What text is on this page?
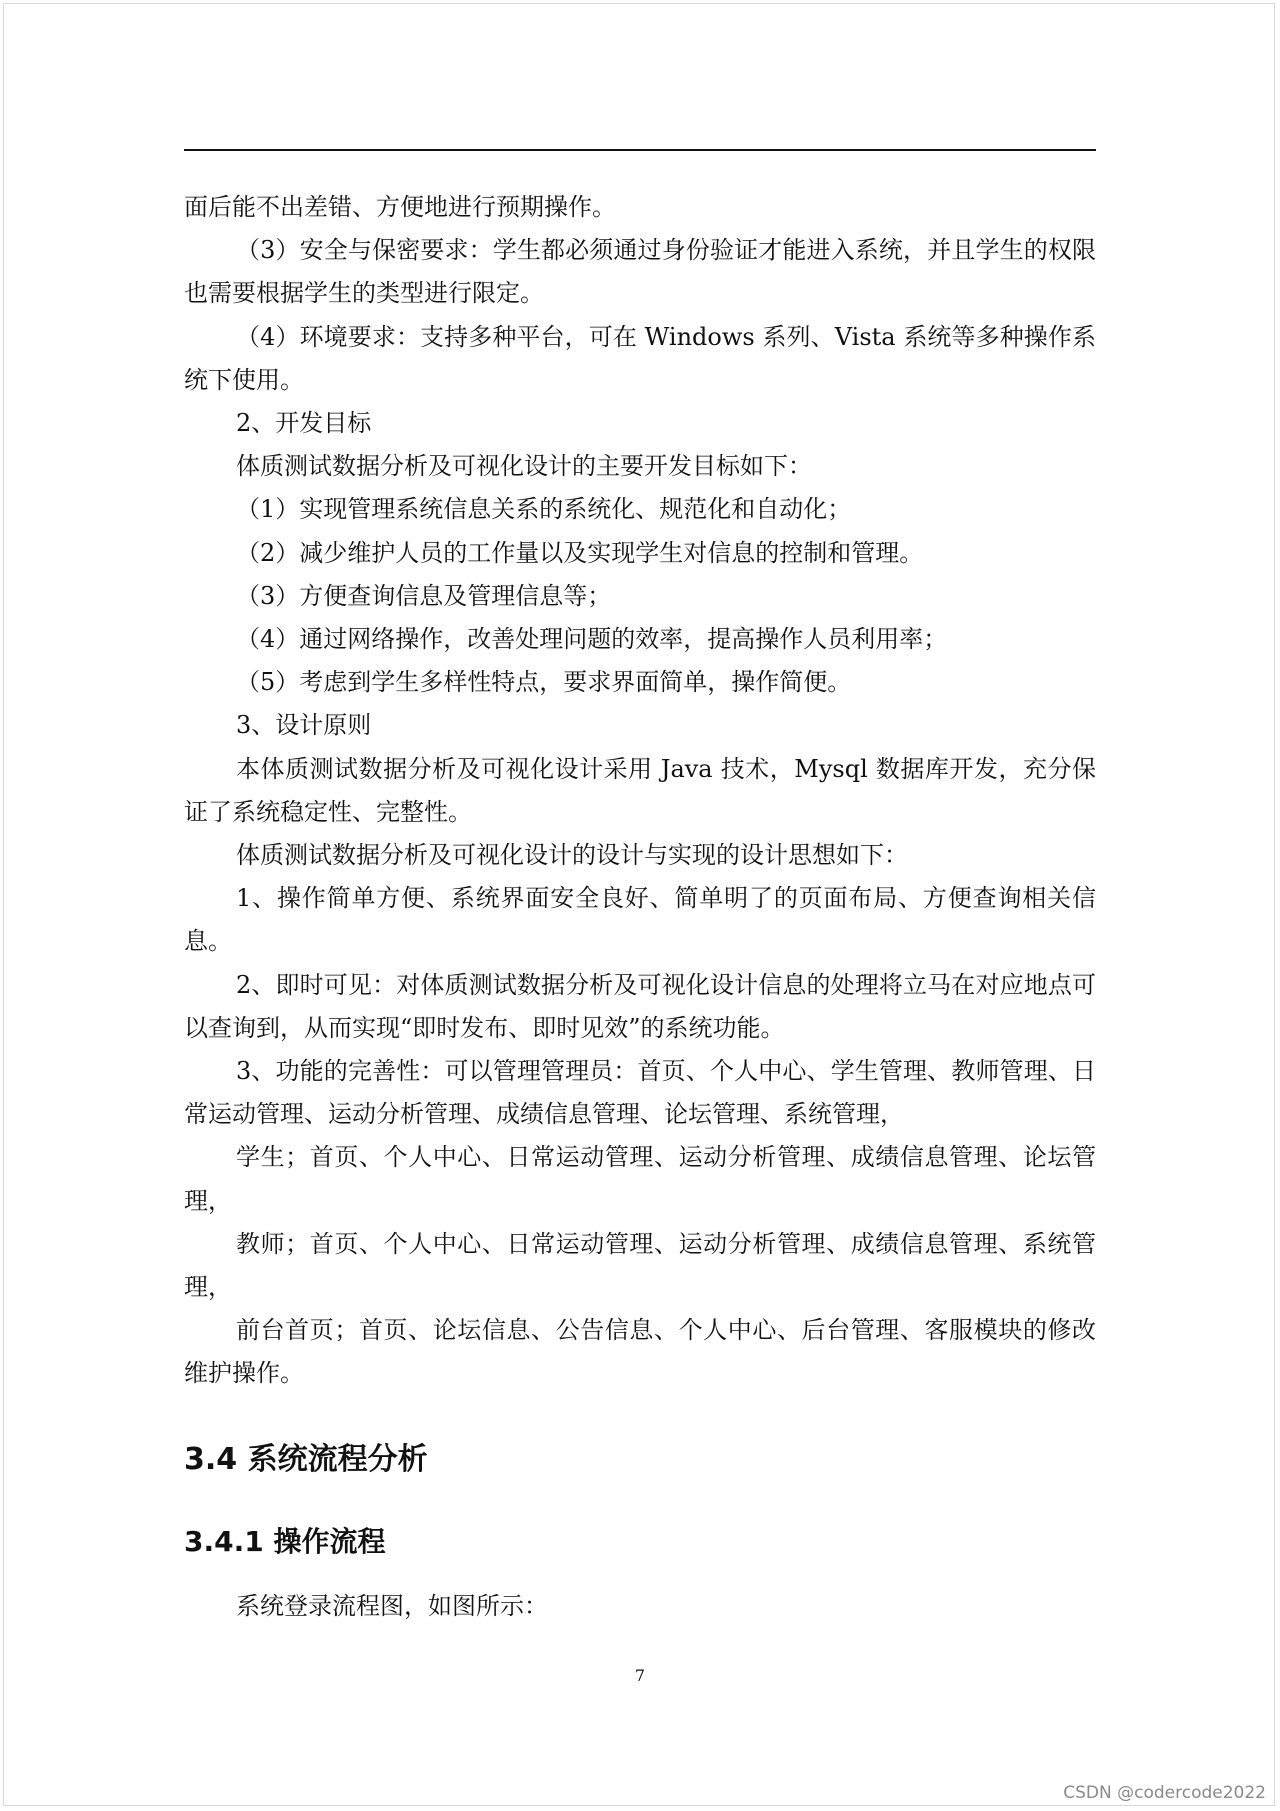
面后能不出差错、方便地进行预期操作。

（3）安全与保密要求：学生都必须通过身份验证才能进入系统，并且学生的权限也需要根据学生的类型进行限定。

（4）环境要求：支持多种平台，可在 Windows 系列、Vista 系统等多种操作系统下使用。

2、开发目标

体质测试数据分析及可视化设计的主要开发目标如下：

（1）实现管理系统信息关系的系统化、规范化和自动化；

（2）减少维护人员的工作量以及实现学生对信息的控制和管理。

（3）方便查询信息及管理信息等；

（4）通过网络操作，改善处理问题的效率，提高操作人员利用率；

（5）考虑到学生多样性特点，要求界面简单，操作简便。

3、设计原则

本体质测试数据分析及可视化设计采用 Java 技术，Mysql 数据库开发，充分保证了系统稳定性、完整性。

体质测试数据分析及可视化设计的设计与实现的设计思想如下：

1、操作简单方便、系统界面安全良好、简单明了的页面布局、方便查询相关信息。

2、即时可见：对体质测试数据分析及可视化设计信息的处理将立马在对应地点可以查询到，从而实现“即时发布、即时见效”的系统功能。

3、功能的完善性：可以管理管理员：首页、个人中心、学生管理、教师管理、日常运动管理、运动分析管理、成绩信息管理、论坛管理、系统管理，

学生；首页、个人中心、日常运动管理、运动分析管理、成绩信息管理、论坛管理，

教师；首页、个人中心、日常运动管理、运动分析管理、成绩信息管理、系统管理，

前台首页；首页、论坛信息、公告信息、个人中心、后台管理、客服模块的修改维护操作。

3.4 系统流程分析
3.4.1 操作流程

系统登录流程图，如图所示：

7
CSDN @codercode2022
